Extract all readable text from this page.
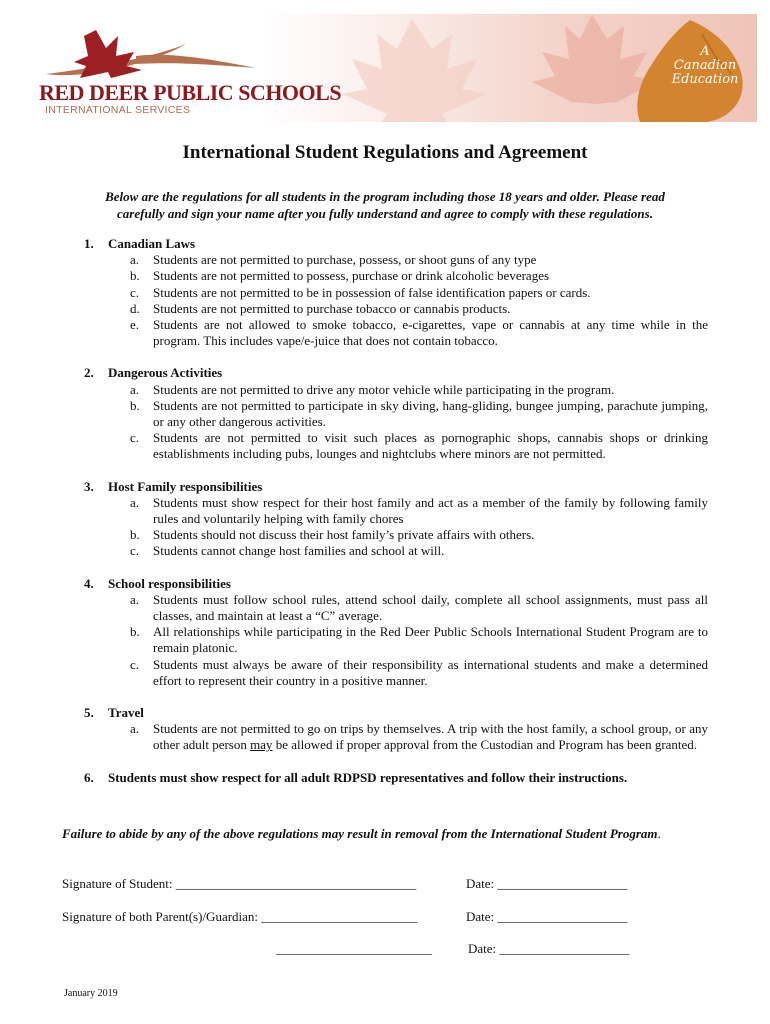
A
Canadian
Education
RED DEER PUBLIC SCHOOLS
INTERNATIONAL SERVICES
International Student Regulations and Agreement
Below are the regulations for all students in the program including those 18 years and older. Please read
carefully and sign your name after you fully understand and agree to comply with these regulations.
1. Canadian Laws
a. Students are not permitted to purchase, possess, or shoot guns of any type
b. Students are not permitted to possess, purchase or drink alcoholic beverages
c. Students are not permitted to be in possession of false identification papers or cards.
d. Students are not permitted to purchase tobacco or cannabis products.
e. Students are not allowed to smoke tobacco, e-cigarettes, vape or cannabis at any time while in the program. This includes vape/e-juice that does not contain tobacco.
2. Dangerous Activities
a. Students are not permitted to drive any motor vehicle while participating in the program.
b. Students are not permitted to participate in sky diving, hang-gliding, bungee jumping, parachute jumping, or any other dangerous activities.
c. Students are not permitted to visit such places as pornographic shops, cannabis shops or drinking establishments including pubs, lounges and nightclubs where minors are not permitted.
3. Host Family responsibilities
a. Students must show respect for their host family and act as a member of the family by following family rules and voluntarily helping with family chores
b. Students should not discuss their host family’s private affairs with others.
c. Students cannot change host families and school at will.
4. School responsibilities
a. Students must follow school rules, attend school daily, complete all school assignments, must pass all classes, and maintain at least a “C” average.
b. All relationships while participating in the Red Deer Public Schools International Student Program are to remain platonic.
c. Students must always be aware of their responsibility as international students and make a determined effort to represent their country in a positive manner.
5. Travel
a. Students are not permitted to go on trips by themselves. A trip with the host family, a school group, or any other adult person may be allowed if proper approval from the Custodian and Program has been granted.
6. Students must show respect for all adult RDPSD representatives and follow their instructions.
Failure to abide by any of the above regulations may result in removal from the International Student Program.
Signature of Student: _____________________________________	Date: ____________________
Signature of both Parent(s)/Guardian: ________________________	Date: ____________________
________________________	Date: ____________________
January 2019
